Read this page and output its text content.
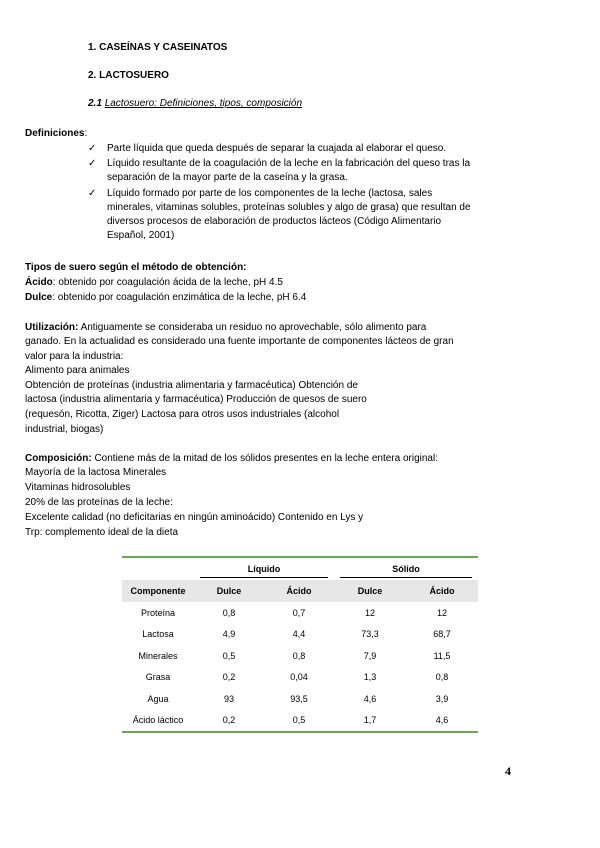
1. CASEÍNAS Y CASEINATOS
2. LACTOSUERO
2.1 Lactosuero: Definiciones, tipos, composición
Definiciones:
✓ Parte líquida que queda después de separar la cuajada al elaborar el queso.
✓ Líquido resultante de la coagulación de la leche en la fabricación del queso tras la
separación de la mayor parte de la caseína y la grasa.
✓ Líquido formado por parte de los componentes de la leche (lactosa, sales
minerales, vitaminas solubles, proteínas solubles y algo de grasa) que resultan de
diversos procesos de elaboración de productos lácteos (Código Alimentario
Español, 2001)
Tipos de suero según el método de obtención:
Ácido: obtenido por coagulación ácida de la leche, pH 4.5
Dulce: obtenido por coagulación enzimática de la leche, pH 6.4
Utilización: Antiguamente se consideraba un residuo no aprovechable, sólo alimento para
ganado. En la actualidad es considerado una fuente importante de componentes lácteos de gran
valor para la industria:
Alimento para animales
Obtención de proteínas (industria alimentaria y farmacéutica) Obtención de
lactosa (industria alimentaria y farmacéutica) Producción de quesos de suero
(requesón, Ricotta, Ziger) Lactosa para otros usos industriales (alcohol
industrial, biogas)
Composición: Contiene más de la mitad de los sólidos presentes en la leche entera original:
Mayoría de la lactosa Minerales
Vitaminas hidrosolubles
20% de las proteínas de la leche:
Excelente calidad (no deficitarias en ningún aminoácido) Contenido en Lys y
Trp: complemento ideal de la dieta
	Líquido		Sólido	

Componente	Dulce	Ácido	Dulce	Ácido
Proteína	0,8	0,7	12	12
Lactosa	4,9	4,4	73,3	68,7
Minerales	0,5	0,8	7,9	11,5
Grasa	0,2	0,04	1,3	0,8
Agua	93	93,5	4,6	3,9
Ácido láctico	0,2	0,5	1,7	4,6
4
